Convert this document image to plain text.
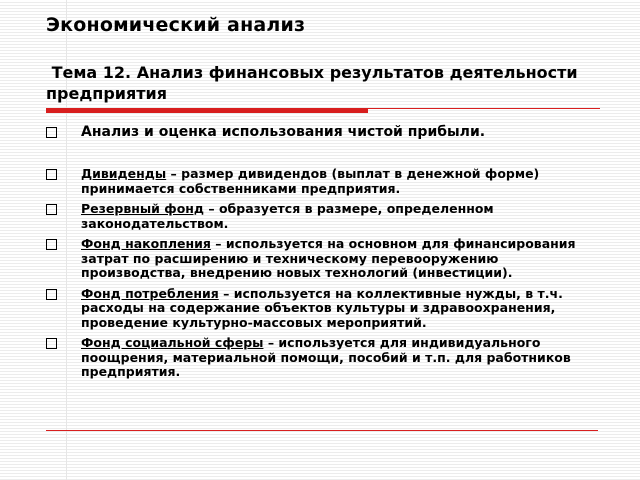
Экономический анализ
Тема 12. Анализ финансовых результатов деятельности предприятия
Анализ и оценка использования чистой прибыли.
Дивиденды – размер дивидендов (выплат в денежной форме) принимается собственниками предприятия.
Резервный фонд – образуется в размере, определенном законодательством.
Фонд накопления – используется на основном для финансирования затрат по расширению и техническому перевооружению производства, внедрению новых технологий (инвестиции).
Фонд потребления – используется на коллективные нужды, в т.ч. расходы на содержание объектов культуры и здравоохранения, проведение культурно-массовых мероприятий.
Фонд социальной сферы – используется для индивидуального поощрения, материальной помощи, пособий и т.п. для работников предприятия.
